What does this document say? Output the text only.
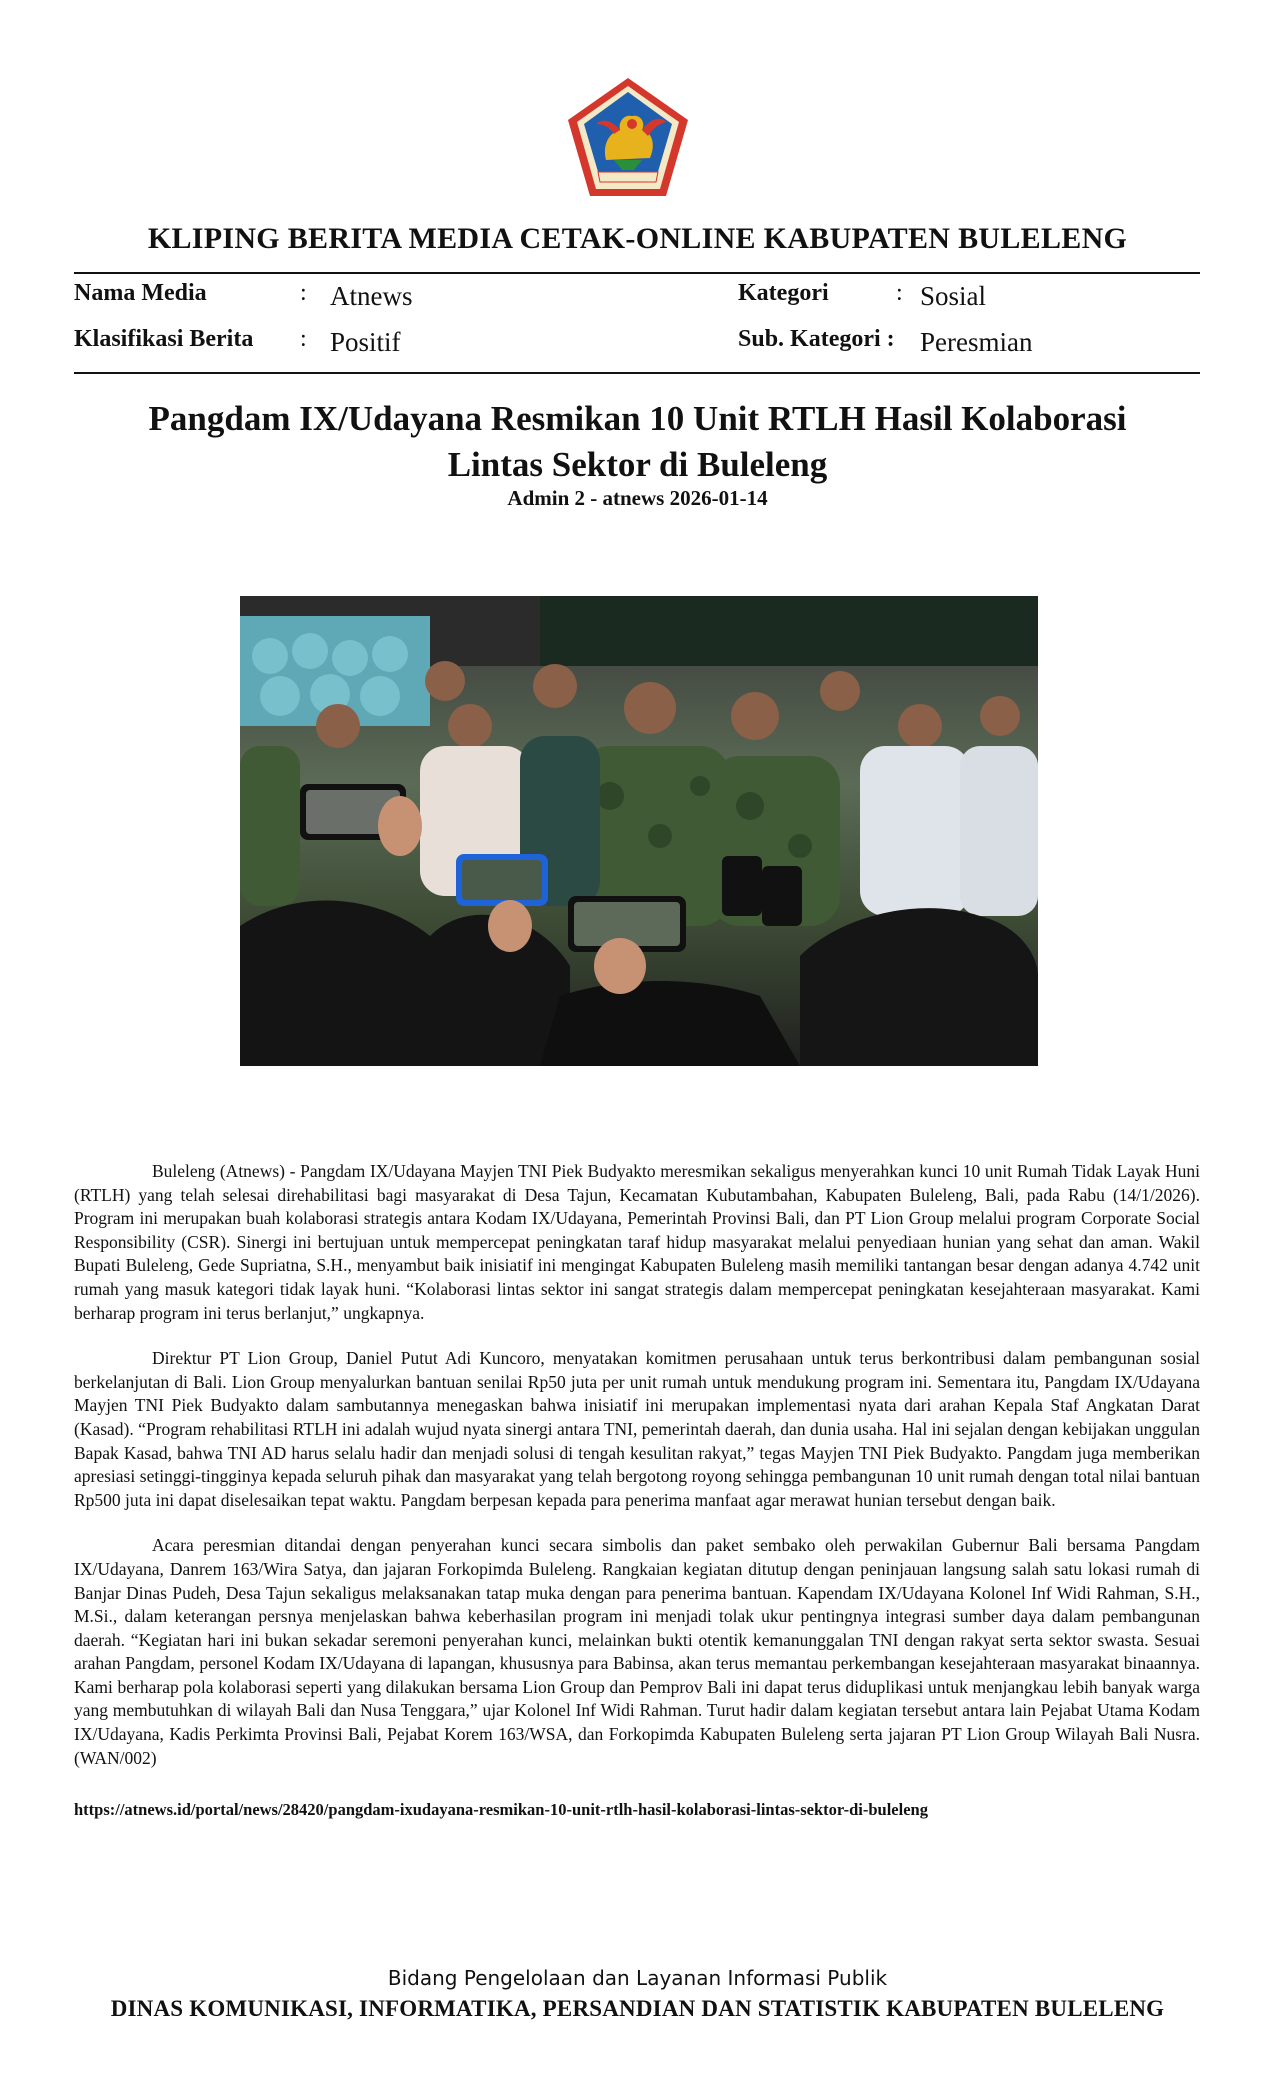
KLIPING BERITA MEDIA CETAK-ONLINE KABUPATEN BULELENG
Nama Media	: Atnews	Kategori	: Sosial
Klasifikasi Berita : Positif	Sub. Kategori : Peresmian
Pangdam IX/Udayana Resmikan 10 Unit RTLH Hasil Kolaborasi
Lintas Sektor di Buleleng
Admin 2 - atnews 2026-01-14

Buleleng (Atnews) - Pangdam IX/Udayana Mayjen TNI Piek Budyakto meresmikan sekaligus menyerahkan kunci 10 unit Rumah Tidak Layak Huni (RTLH) yang telah selesai direhabilitasi bagi masyarakat di Desa Tajun, Kecamatan Kubutambahan, Kabupaten Buleleng, Bali, pada Rabu (14/1/2026). Program ini merupakan buah kolaborasi strategis antara Kodam IX/Udayana, Pemerintah Provinsi Bali, dan PT Lion Group melalui program Corporate Social Responsibility (CSR). Sinergi ini bertujuan untuk mempercepat peningkatan taraf hidup masyarakat melalui penyediaan hunian yang sehat dan aman. Wakil Bupati Buleleng, Gede Supriatna, S.H., menyambut baik inisiatif ini mengingat Kabupaten Buleleng masih memiliki tantangan besar dengan adanya 4.742 unit rumah yang masuk kategori tidak layak huni. “Kolaborasi lintas sektor ini sangat strategis dalam mempercepat peningkatan kesejahteraan masyarakat. Kami berharap program ini terus berlanjut,” ungkapnya.

Direktur PT Lion Group, Daniel Putut Adi Kuncoro, menyatakan komitmen perusahaan untuk terus berkontribusi dalam pembangunan sosial berkelanjutan di Bali. Lion Group menyalurkan bantuan senilai Rp50 juta per unit rumah untuk mendukung program ini. Sementara itu, Pangdam IX/Udayana Mayjen TNI Piek Budyakto dalam sambutannya menegaskan bahwa inisiatif ini merupakan implementasi nyata dari arahan Kepala Staf Angkatan Darat (Kasad). “Program rehabilitasi RTLH ini adalah wujud nyata sinergi antara TNI, pemerintah daerah, dan dunia usaha. Hal ini sejalan dengan kebijakan unggulan Bapak Kasad, bahwa TNI AD harus selalu hadir dan menjadi solusi di tengah kesulitan rakyat,” tegas Mayjen TNI Piek Budyakto. Pangdam juga memberikan apresiasi setinggi-tingginya kepada seluruh pihak dan masyarakat yang telah bergotong royong sehingga pembangunan 10 unit rumah dengan total nilai bantuan Rp500 juta ini dapat diselesaikan tepat waktu. Pangdam berpesan kepada para penerima manfaat agar merawat hunian tersebut dengan baik.

Acara peresmian ditandai dengan penyerahan kunci secara simbolis dan paket sembako oleh perwakilan Gubernur Bali bersama Pangdam IX/Udayana, Danrem 163/Wira Satya, dan jajaran Forkopimda Buleleng. Rangkaian kegiatan ditutup dengan peninjauan langsung salah satu lokasi rumah di Banjar Dinas Pudeh, Desa Tajun sekaligus melaksanakan tatap muka dengan para penerima bantuan. Kapendam IX/Udayana Kolonel Inf Widi Rahman, S.H., M.Si., dalam keterangan persnya menjelaskan bahwa keberhasilan program ini menjadi tolak ukur pentingnya integrasi sumber daya dalam pembangunan daerah. “Kegiatan hari ini bukan sekadar seremoni penyerahan kunci, melainkan bukti otentik kemanunggalan TNI dengan rakyat serta sektor swasta. Sesuai arahan Pangdam, personel Kodam IX/Udayana di lapangan, khususnya para Babinsa, akan terus memantau perkembangan kesejahteraan masyarakat binaannya. Kami berharap pola kolaborasi seperti yang dilakukan bersama Lion Group dan Pemprov Bali ini dapat terus diduplikasi untuk menjangkau lebih banyak warga yang membutuhkan di wilayah Bali dan Nusa Tenggara,” ujar Kolonel Inf Widi Rahman. Turut hadir dalam kegiatan tersebut antara lain Pejabat Utama Kodam IX/Udayana, Kadis Perkimta Provinsi Bali, Pejabat Korem 163/WSA, dan Forkopimda Kabupaten Buleleng serta jajaran PT Lion Group Wilayah Bali Nusra. (WAN/002)

https://atnews.id/portal/news/28420/pangdam-ixudayana-resmikan-10-unit-rtlh-hasil-kolaborasi-lintas-sektor-di-buleleng
Bidang Pengelolaan dan Layanan Informasi Publik
DINAS KOMUNIKASI, INFORMATIKA, PERSANDIAN DAN STATISTIK KABUPATEN BULELENG
